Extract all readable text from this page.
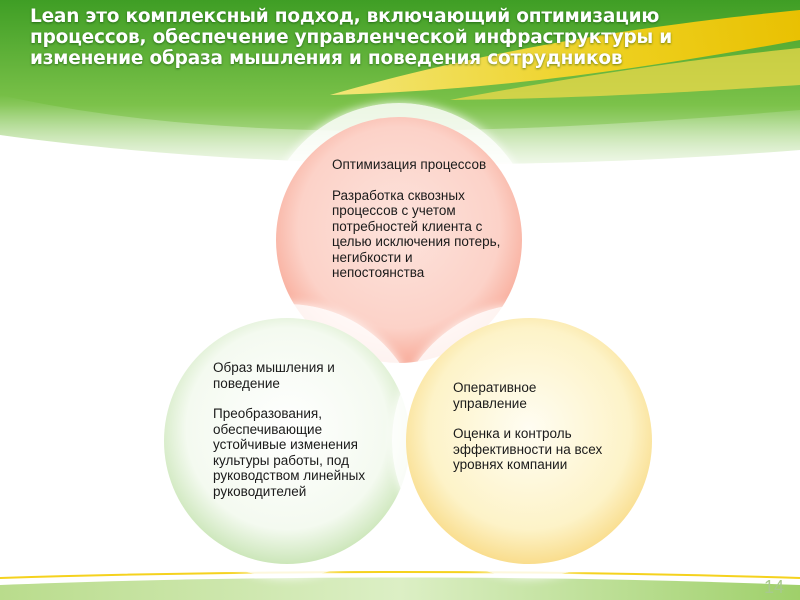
Lean это комплексный подход, включающий оптимизацию процессов, обеспечение управленческой инфраструктуры и изменение образа мышления и поведения сотрудников
Оптимизация процессов
Разработка сквозных процессов с учетом потребностей клиента с целью исключения потерь, негибкости и непостоянства
Образ мышления и поведение
Преобразования, обеспечивающие устойчивые изменения культуры работы, под руководством линейных руководителей
Оперативное управление
Оценка и контроль эффективности на всех уровнях компании
14
